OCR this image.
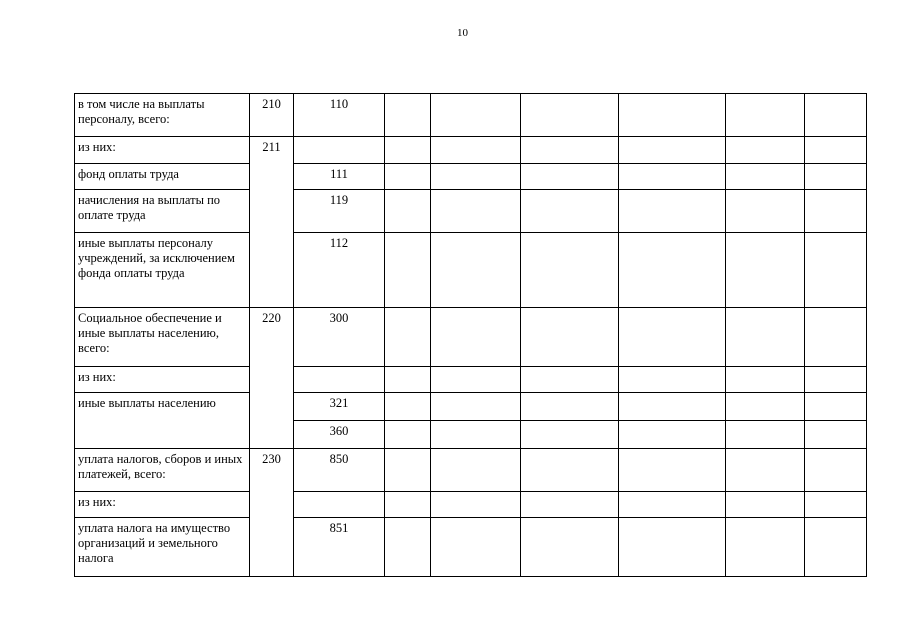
10
в том числе на выплаты персоналу, всего:	210	110						
из них:	211							
фонд оплаты труда		111						
начисления на выплаты по оплате труда		119						
иные выплаты персоналу учреждений, за исключением фонда оплаты труда		112						
Социальное обеспечение и иные выплаты населению, всего:	220	300						
из них:								
иные выплаты населению		321						
		360						
уплата налогов, сборов и иных платежей, всего:	230	850						
из них:								
уплата налога на имущество организаций и земельного налога		851						
